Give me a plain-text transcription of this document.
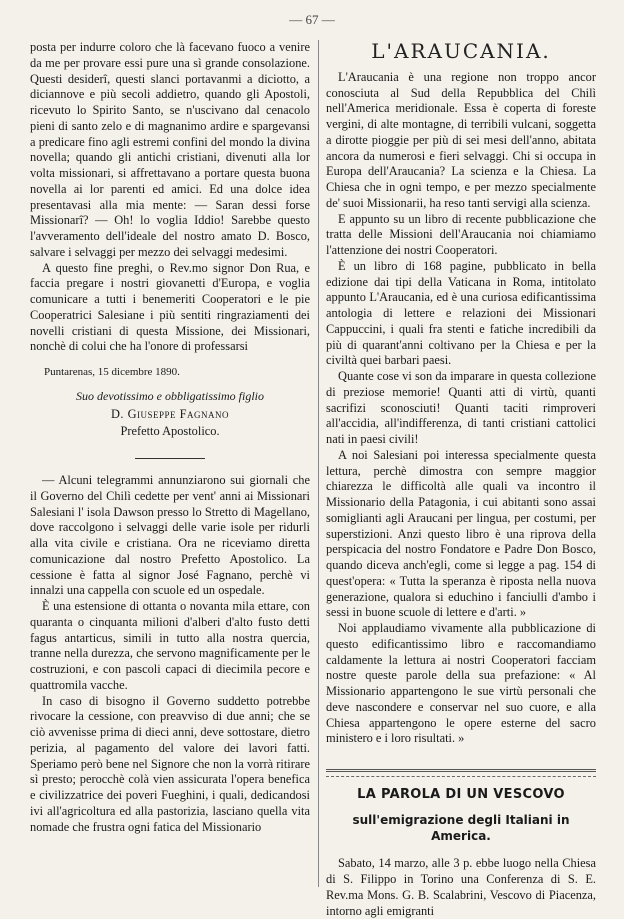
— 67 —

posta per indurre coloro che là facevano fuoco a venire da me per provare essi pure una sì grande consolazione. Questi desiderî, questi slanci portavanmi a diciotto, a diciannove e più secoli addietro, quando gli Apostoli, ricevuto lo Spirito Santo, se n'uscivano dal cenacolo pieni di santo zelo e di magnanimo ardire e spargevansi a predicare fino agli estremi confini del mondo la divina novella; quando gli antichi cristiani, divenuti alla lor volta missionari, si affrettavano a portare questa buona novella ai lor parenti ed amici. Ed una dolce idea presentavasi alla mia mente: — Saran dessi forse Missionarî? — Oh! lo voglia Iddio! Sarebbe questo l'avveramento dell'ideale del nostro amato D. Bosco, salvare i selvaggi per mezzo dei selvaggi medesimi.

A questo fine preghi, o Rev.mo signor Don Rua, e faccia pregare i nostri giovanetti d'Europa, e voglia comunicare a tutti i benemeriti Cooperatori e le pie Cooperatrici Salesiane i più sentiti ringraziamenti dei novelli cristiani di questa Missione, dei Missionari, nonchè di colui che ha l'onore di professarsi

Puntarenas, 15 dicembre 1890.
Suo devotissimo e obbligatissimo figlio
D. Giuseppe Fagnano
Prefetto Apostolico.

— Alcuni telegrammi annunziarono sui giornali che il Governo del Chilì cedette per vent' anni ai Missionari Salesiani l' isola Dawson presso lo Stretto di Magellano, dove raccolgono i selvaggi delle varie isole per ridurli alla vita civile e cristiana. Ora ne riceviamo diretta comunicazione dal nostro Prefetto Apostolico. La cessione è fatta al signor José Fagnano, perchè vi innalzi una cappella con scuole ed un ospedale.

È una estensione di ottanta o novanta mila ettare, con quaranta o cinquanta milioni d'alberi d'alto fusto detti fagus antarticus, simili in tutto alla nostra quercia, tranne nella durezza, che servono magnificamente per le costruzioni, e con pascoli capaci di diecimila pecore e quattromila vacche.

In caso di bisogno il Governo suddetto potrebbe rivocare la cessione, con preavviso di due anni; che se ciò avvenisse prima di dieci anni, deve sottostare, dietro perizia, al pagamento del valore dei lavori fatti. Speriamo però bene nel Signore che non la vorrà ritirare sì presto; perocchè colà vien assicurata l'opera benefica e civilizzatrice dei poveri Fueghini, i quali, dedicandosi ivi all'agricoltura ed alla pastorizia, lasciano quella vita nomade che frustra ogni fatica del Missionario

L'ARAUCANIA.

L'Araucania è una regione non troppo ancor conosciuta al Sud della Repubblica del Chilì nell'America meridionale. Essa è coperta di foreste vergini, di alte montagne, di terribili vulcani, soggetta a dirotte pioggie per più di sei mesi dell'anno, abitata ancora da numerosi e fieri selvaggi. Chi si occupa in Europa dell'Araucania? La scienza e la Chiesa. La Chiesa che in ogni tempo, e per mezzo specialmente de' suoi Missionarii, ha reso tanti servigi alla scienza.

E appunto su un libro di recente pubblicazione che tratta delle Missioni dell'Araucania noi chiamiamo l'attenzione dei nostri Cooperatori.

È un libro di 168 pagine, pubblicato in bella edizione dai tipi della Vaticana in Roma, intitolato appunto L'Araucania, ed è una curiosa edificantissima antologia di lettere e relazioni dei Missionari Cappuccini, i quali fra stenti e fatiche incredibili da più di quarant'anni coltivano per la Chiesa e per la civiltà quei barbari paesi.

Quante cose vi son da imparare in questa collezione di preziose memorie! Quanti atti di virtù, quanti sacrifizi sconosciuti! Quanti taciti rimproveri all'accidia, all'indifferenza, di tanti cristiani cattolici nati in paesi civili!

A noi Salesiani poi interessa specialmente questa lettura, perchè dimostra con sempre maggior chiarezza le difficoltà alle quali va incontro il Missionario della Patagonia, i cui abitanti sono assai somiglianti agli Araucani per lingua, per costumi, per superstizioni. Anzi questo libro è una riprova della perspicacia del nostro Fondatore e Padre Don Bosco, quando diceva anch'egli, come si legge a pag. 154 di quest'opera: « Tutta la speranza è riposta nella nuova generazione, qualora si educhino i fanciulli d'ambo i sessi in buone scuole di lettere e d'arti. »

Noi applaudiamo vivamente alla pubblicazione di questo edificantissimo libro e raccomandiamo caldamente la lettura ai nostri Cooperatori facciam nostre queste parole della sua prefazione: « Al Missionario appartengono le sue virtù personali che deve nascondere e conservar nel suo cuore, e alla Chiesa appartengono le opere esterne del sacro ministero e i loro risultati. »

LA PAROLA DI UN VESCOVO
sull'emigrazione degli Italiani in America.

Sabato, 14 marzo, alle 3 p. ebbe luogo nella Chiesa di S. Filippo in Torino una Conferenza di S. E. Rev.ma Mons. G. B. Scalabrini, Vescovo di Piacenza, intorno agli emigranti
